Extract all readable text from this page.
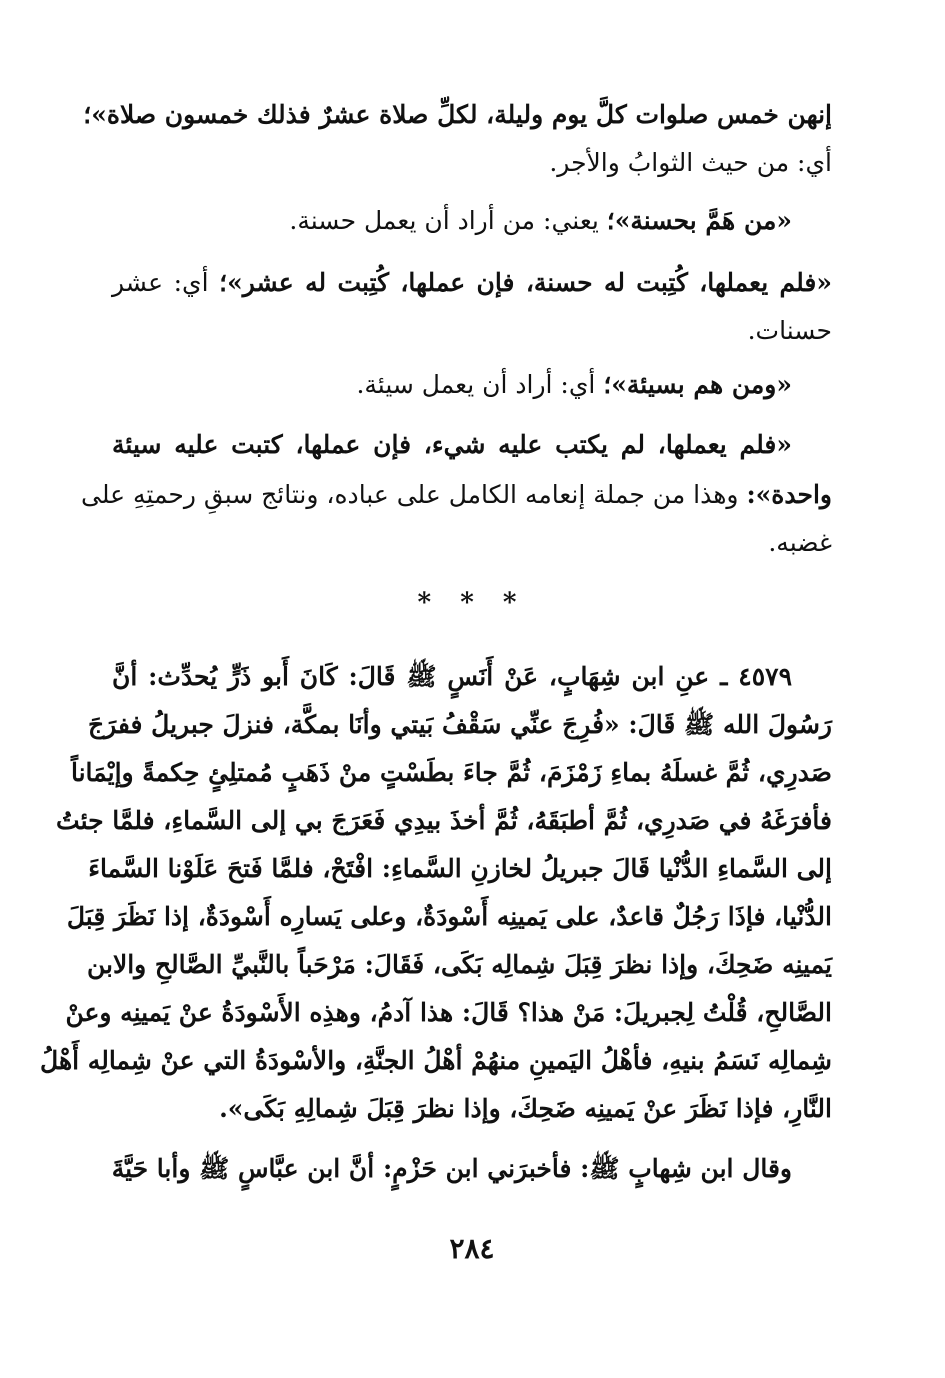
إنهن خمس صلوات كلَّ يوم وليلة، لكلِّ صلاة عشرٌ فذلك خمسون صلاة»؛
أي: من حيث الثوابُ والأجر.
«من هَمَّ بحسنة»؛ يعني: من أراد أن يعمل حسنة.
«فلم يعملها، كُتِبت له حسنة، فإن عملها، كُتِبت له عشر»؛ أي: عشر
حسنات.
«ومن هم بسيئة»؛ أي: أراد أن يعمل سيئة.
«فلم يعملها، لم يكتب عليه شيء، فإن عملها، كتبت عليه سيئة
واحدة»: وهذا من جملة إنعامه الكامل على عباده، ونتائج سبقِ رحمتِهِ على
غضبه.
* * *
٤٥٧٩ ـ عنِ ابن شِهَابٍ، عَنْ أَنَسٍ ﷺ قَالَ: كَانَ أَبو ذَرٍّ يُحدِّث: أنَّ
رَسُولَ الله ﷺ قَالَ: «فُرِجَ عنِّي سَقْفُ بَيتي وأنَا بمكَّة، فنزلَ جبريلُ ففرَجَ
صَدرِي، ثُمَّ غسلَهُ بماءِ زَمْزَمَ، ثُمَّ جاءَ بطَسْتٍ منْ ذَهَبٍ مُمتلِئٍ حِكمةً وإيْمَاناً
فأفرَغَهُ في صَدرِي، ثُمَّ أطبَقَهُ، ثُمَّ أخذَ بيدِي فَعَرَجَ بي إلى السَّماءِ، فلمَّا جئتُ
إلى السَّماءِ الدُّنْيا قَالَ جبريلُ لخازنِ السَّماءِ: افْتَحْ، فلمَّا فَتحَ عَلَوْنا السَّماءَ
الدُّنْيا، فإذَا رَجُلٌ قاعدٌ، على يَمينِه أَسْودَةٌ، وعلى يَسارِه أَسْودَةٌ، إذا نَظَرَ قِبَلَ
يَمينِه ضَحِكَ، وإذا نظرَ قِبَلَ شِمالِه بَكَى، فَقَالَ: مَرْحَباً بالنَّبيِّ الصَّالحِ والابن
الصَّالحِ، قُلْتُ لِجبريلَ: مَنْ هذا؟ قَالَ: هذا آدمُ، وهذِه الأَسْودَةُ عنْ يَمينِه وعنْ
شِمالِه نَسَمُ بنيهِ، فأهْلُ اليَمينِ منهُمْ أهْلُ الجنَّةِ، والأسْودَةُ التي عنْ شِمالِه أَهْلُ
النَّارِ، فإذا نَظَرَ عنْ يَمينِه ضَحِكَ، وإذا نظرَ قِبَلَ شِمالِهِ بَكَى».
وقال ابن شِهابٍ ﷺ: فأخبرَني ابن حَزْمٍ: أنَّ ابن عبَّاسٍ ﷺ وأبا حَيَّةَ
٢٨٤
